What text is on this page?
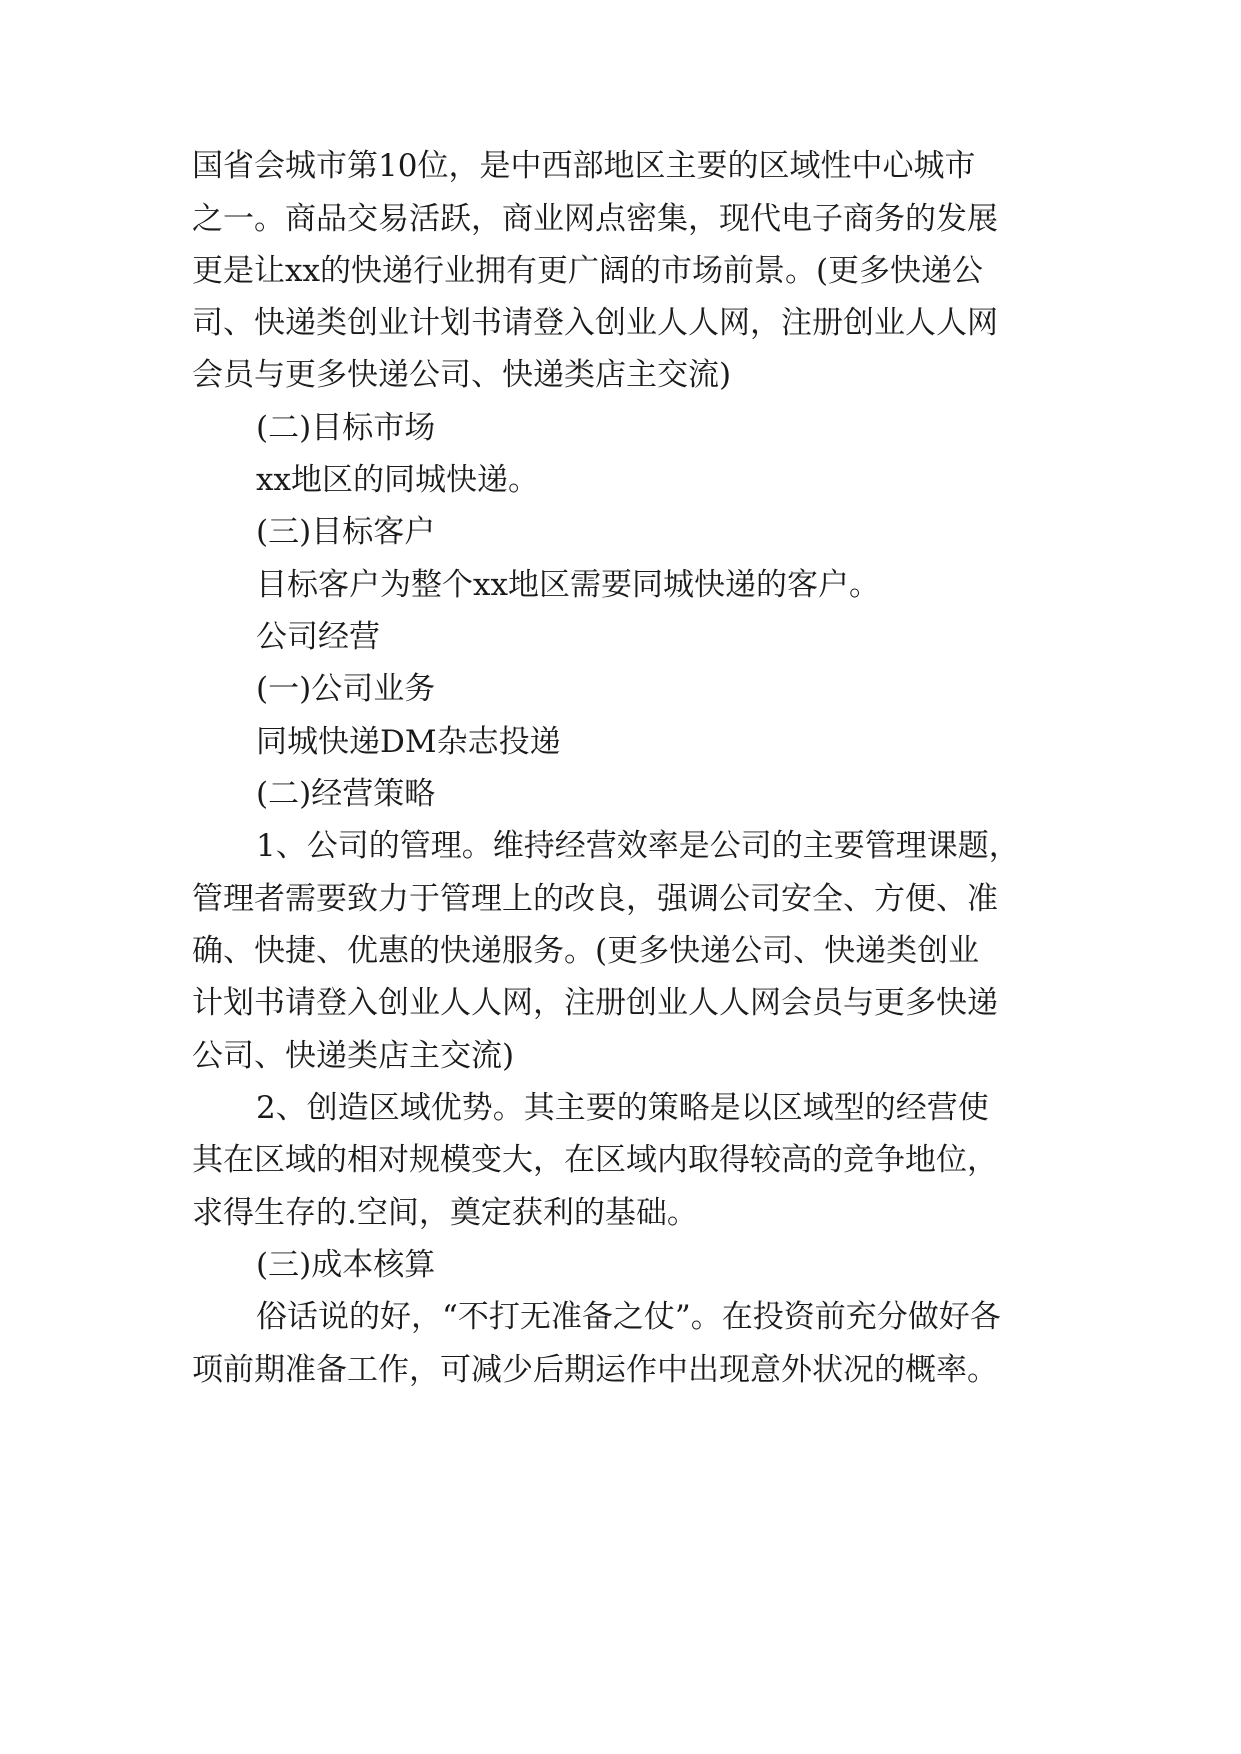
国省会城市第10位，是中西部地区主要的区域性中心城市
之一。商品交易活跃，商业网点密集，现代电子商务的发展
更是让xx的快递行业拥有更广阔的市场前景。(更多快递公
司、快递类创业计划书请登入创业人人网，注册创业人人网
会员与更多快递公司、快递类店主交流)
(二)目标市场
xx地区的同城快递。
(三)目标客户
目标客户为整个xx地区需要同城快递的客户。
公司经营
(一)公司业务
同城快递DM杂志投递
(二)经营策略
1、公司的管理。维持经营效率是公司的主要管理课题，
管理者需要致力于管理上的改良，强调公司安全、方便、准
确、快捷、优惠的快递服务。(更多快递公司、快递类创业
计划书请登入创业人人网，注册创业人人网会员与更多快递
公司、快递类店主交流)
2、创造区域优势。其主要的策略是以区域型的经营使
其在区域的相对规模变大，在区域内取得较高的竞争地位，
求得生存的.空间，奠定获利的基础。
(三)成本核算
俗话说的好，“不打无准备之仗”。在投资前充分做好各
项前期准备工作，可减少后期运作中出现意外状况的概率。
